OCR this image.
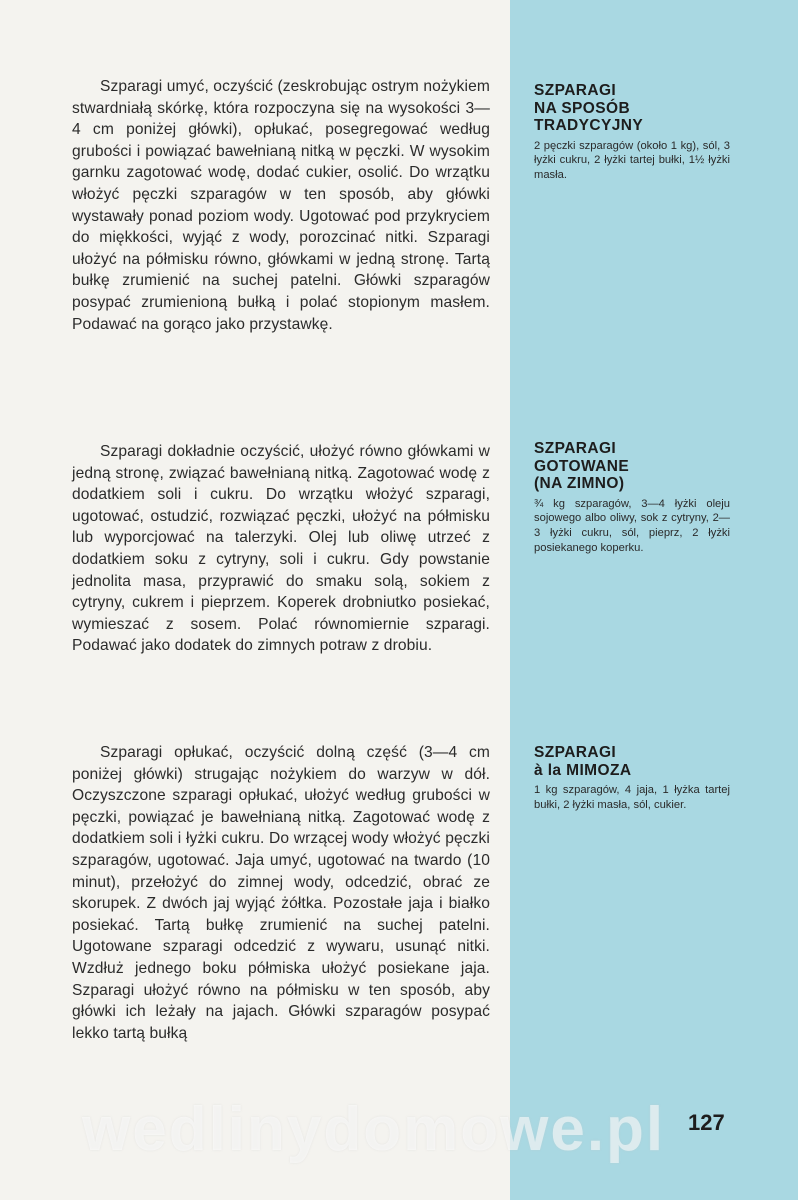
Szparagi umyć, oczyścić (zeskrobując ostrym nożykiem stwardniałą skórkę, która rozpoczyna się na wysokości 3—4 cm poniżej główki), opłukać, posegregować według grubości i powiązać bawełnianą nitką w pęczki. W wysokim garnku zagotować wodę, dodać cukier, osolić. Do wrzątku włożyć pęczki szparagów w ten sposób, aby główki wystawały ponad poziom wody. Ugotować pod przykryciem do miękkości, wyjąć z wody, porozcinać nitki. Szparagi ułożyć na półmisku równo, główkami w jedną stronę. Tartą bułkę zrumienić na suchej patelni. Główki szparagów posypać zrumienioną bułką i polać stopionym masłem. Podawać na gorąco jako przystawkę.

Szparagi dokładnie oczyścić, ułożyć równo główkami w jedną stronę, związać bawełnianą nitką. Zagotować wodę z dodatkiem soli i cukru. Do wrzątku włożyć szparagi, ugotować, ostudzić, rozwiązać pęczki, ułożyć na półmisku lub wyporcjować na talerzyki. Olej lub oliwę utrzeć z dodatkiem soku z cytryny, soli i cukru. Gdy powstanie jednolita masa, przyprawić do smaku solą, sokiem z cytryny, cukrem i pieprzem. Koperek drobniutko posiekać, wymieszać z sosem. Polać równomiernie szparagi. Podawać jako dodatek do zimnych potraw z drobiu.

Szparagi opłukać, oczyścić dolną część (3—4 cm poniżej główki) strugając nożykiem do warzyw w dół. Oczyszczone szparagi opłukać, ułożyć według grubości w pęczki, powiązać je bawełnianą nitką. Zagotować wodę z dodatkiem soli i łyżki cukru. Do wrzącej wody włożyć pęczki szparagów, ugotować. Jaja umyć, ugotować na twardo (10 minut), przełożyć do zimnej wody, odcedzić, obrać ze skorupek. Z dwóch jaj wyjąć żółtka. Pozostałe jaja i białko posiekać. Tartą bułkę zrumienić na suchej patelni. Ugotowane szparagi odcedzić z wywaru, usunąć nitki. Wzdłuż jednego boku półmiska ułożyć posiekane jaja. Szparagi ułożyć równo na półmisku w ten sposób, aby główki ich leżały na jajach. Główki szparagów posypać lekko tartą bułką

SZPARAGI
NA SPOSÓB
TRADYCYJNY

2 pęczki szparagów (około 1 kg), sól, 3 łyżki cukru, 2 łyżki tartej bułki, 1½ łyżki masła.

SZPARAGI
GOTOWANE
(NA ZIMNO)

¾ kg szparagów, 3—4 łyżki oleju sojowego albo oliwy, sok z cytryny, 2—3 łyżki cukru, sól, pieprz, 2 łyżki posiekanego koperku.

SZPARAGI
à la MIMOZA

1 kg szparagów, 4 jaja, 1 łyżka tartej bułki, 2 łyżki masła, sól, cukier.

wedlinydomowe.pl 127
